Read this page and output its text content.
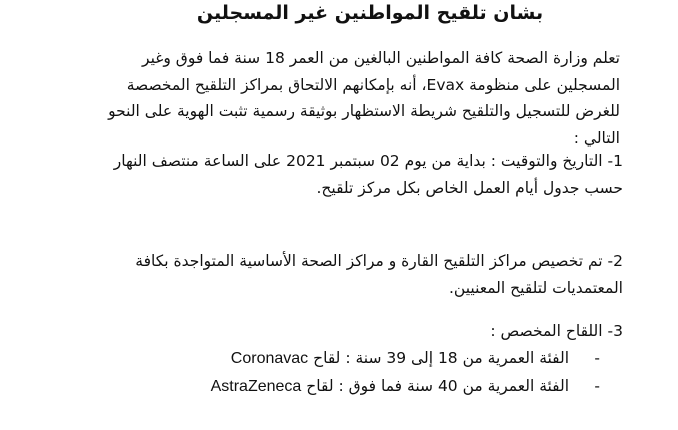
بشان تلقيح المواطنين غير المسجلين
تعلم وزارة الصحة كافة المواطنين البالغين من العمر 18 سنة فما فوق وغير
المسجلين على منظومة Evax، أنه بإمكانهم الالتحاق بمراكز التلقيح المخصصة
للغرض للتسجيل والتلقيح شريطة الاستظهار بوثيقة رسمية تثبت الهوية على النحو
التالي :
1- التاريخ والتوقيت : بداية من يوم 02 سبتمبر 2021 على الساعة منتصف النهار
حسب جدول أيام العمل الخاص بكل مركز تلقيح.
2- تم تخصيص مراكز التلقيح القارة و مراكز الصحة الأساسية المتواجدة بكافة
المعتمديات لتلقيح المعنيين.
3- اللقاح المخصص :
- الفئة العمرية من 18 إلى 39 سنة : لقاح Coronavac
- الفئة العمرية من 40 سنة فما فوق : لقاح AstraZeneca
